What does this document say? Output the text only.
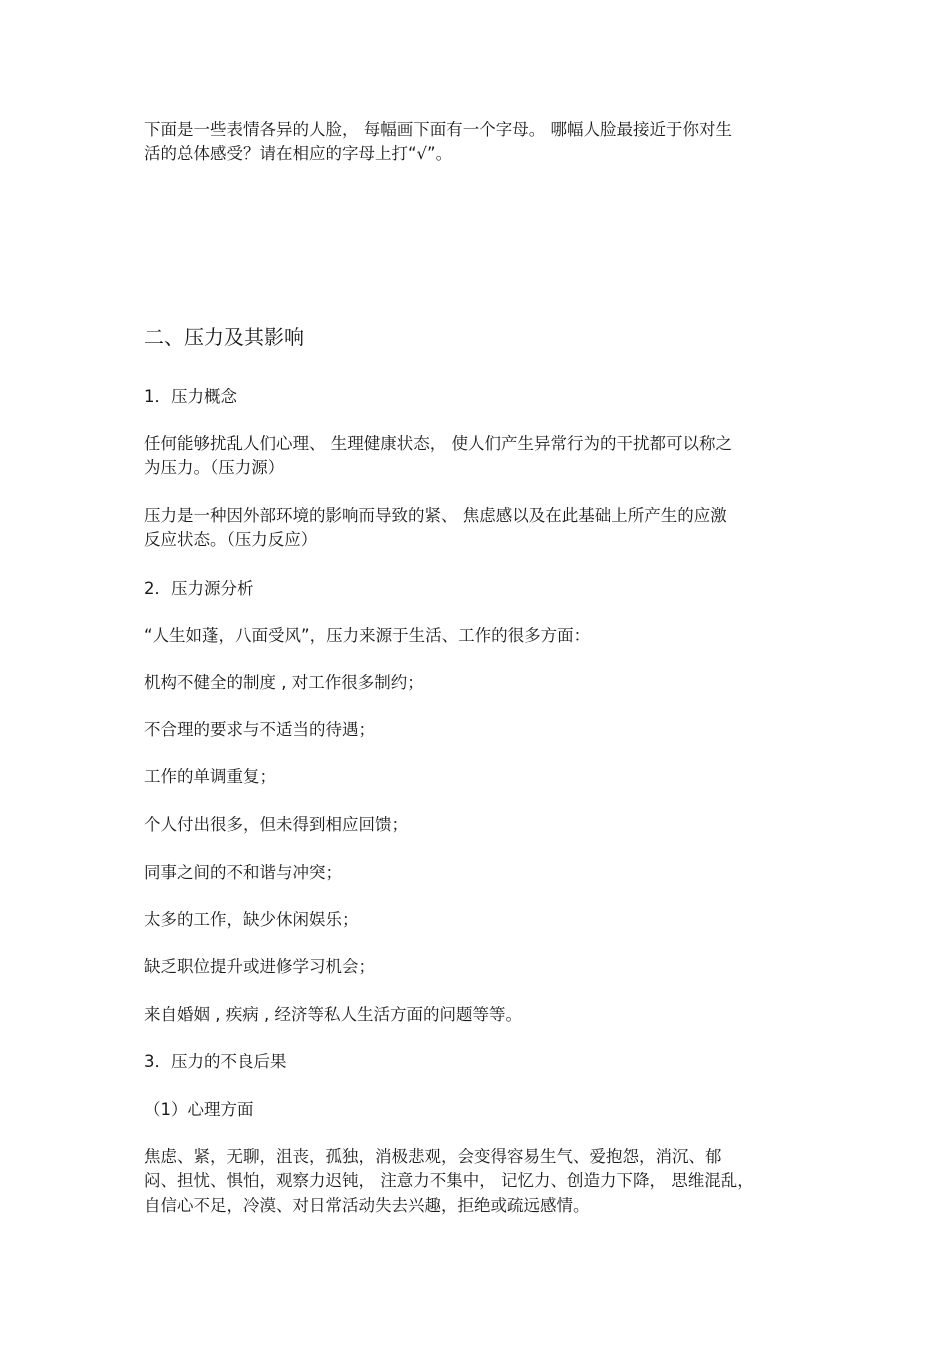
下面是一些表情各异的人脸， 每幅画下面有一个字母。 哪幅人脸最接近于你对生
活的总体感受？请在相应的字母上打“√”。
二、压力及其影响
1．压力概念
任何能够扰乱人们心理、 生理健康状态， 使人们产生异常行为的干扰都可以称之
为压力。（压力源）
压力是一种因外部环境的影响而导致的紧、 焦虑感以及在此基础上所产生的应激
反应状态。（压力反应）
2．压力源分析
“人生如蓬，八面受风”，压力来源于生活、工作的很多方面：
机构不健全的制度 , 对工作很多制约；
不合理的要求与不适当的待遇；
工作的单调重复；
个人付出很多，但未得到相应回馈；
同事之间的不和谐与冲突；
太多的工作，缺少休闲娱乐；
缺乏职位提升或进修学习机会；
来自婚姻 , 疾病 , 经济等私人生活方面的问题等等。
3．压力的不良后果
（1）心理方面
焦虑、紧，无聊，沮丧，孤独，消极悲观，会变得容易生气、爱抱怨，消沉、郁
闷、担忧、惧怕，观察力迟钝， 注意力不集中， 记忆力、创造力下降， 思维混乱，
自信心不足，冷漠、对日常活动失去兴趣，拒绝或疏远感情。
